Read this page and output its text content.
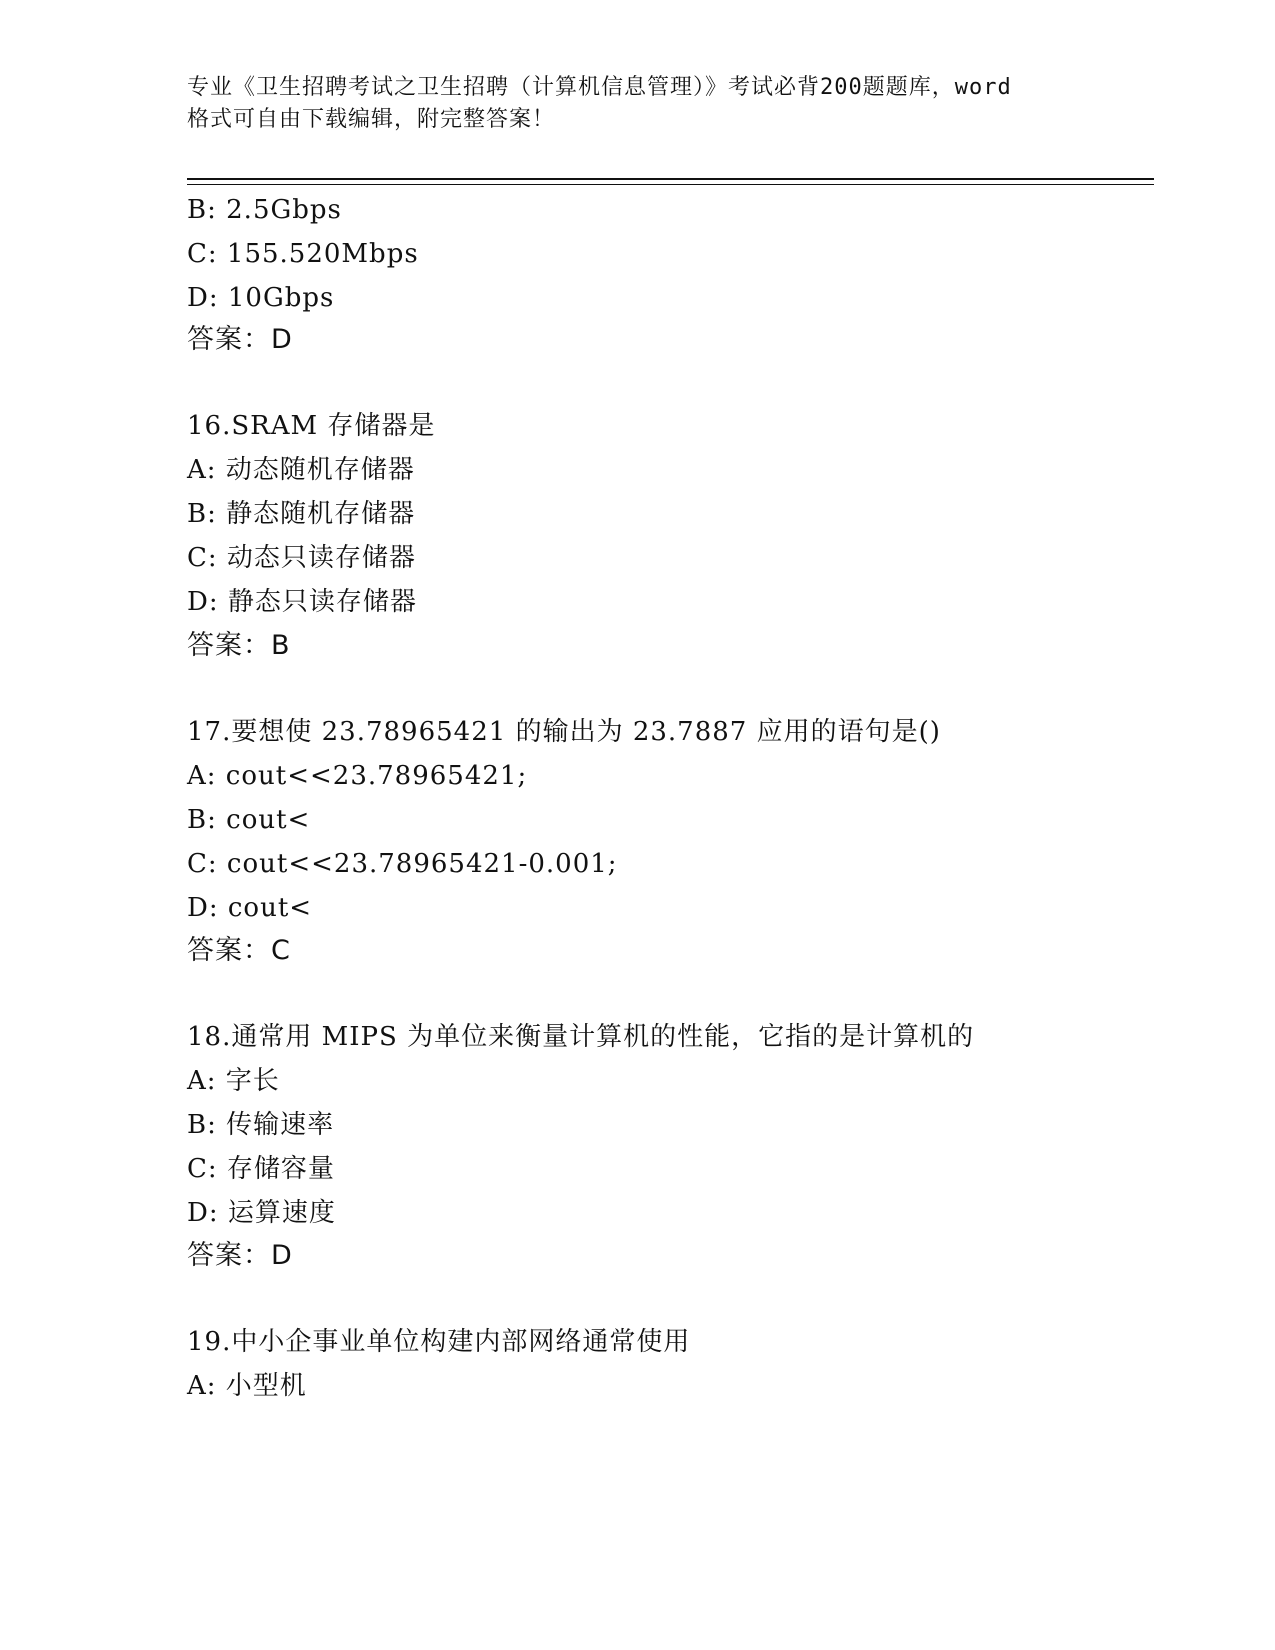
专业《卫生招聘考试之卫生招聘（计算机信息管理）》考试必背200题题库，word
格式可自由下载编辑，附完整答案！
B: 2.5Gbps
C: 155.520Mbps
D: 10Gbps
答案：D
16.SRAM 存储器是
A: 动态随机存储器
B: 静态随机存储器
C: 动态只读存储器
D: 静态只读存储器
答案：B
17.要想使 23.78965421 的输出为 23.7887 应用的语句是()
A: cout<<23.78965421;
B: cout<
C: cout<<23.78965421-0.001;
D: cout<
答案：C
18.通常用 MIPS 为单位来衡量计算机的性能，它指的是计算机的
A: 字长
B: 传输速率
C: 存储容量
D: 运算速度
答案：D
19.中小企事业单位构建内部网络通常使用
A: 小型机
